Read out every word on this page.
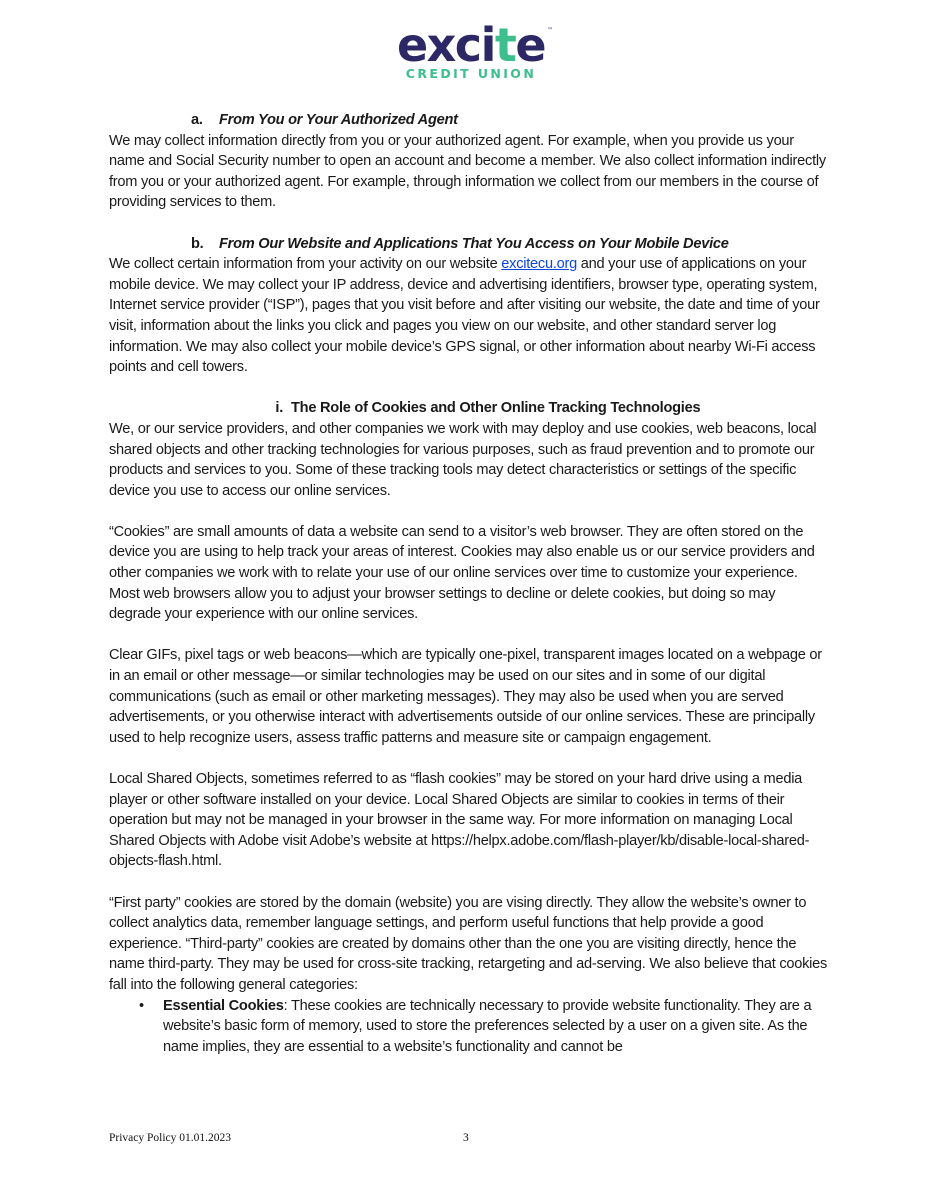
excite ™
CREDIT UNION
a. From You or Your Authorized Agent

We may collect information directly from you or your authorized agent. For example, when you provide us your name and Social Security number to open an account and become a member. We also collect information indirectly from you or your authorized agent. For example, through information we collect from our members in the course of providing services to them.

b. From Our Website and Applications That You Access on Your Mobile Device

We collect certain information from your activity on our website excitecu.org and your use of applications on your mobile device. We may collect your IP address, device and advertising identifiers, browser type, operating system, Internet service provider (“ISP”), pages that you visit before and after visiting our website, the date and time of your visit, information about the links you click and pages you view on our website, and other standard server log information. We may also collect your mobile device’s GPS signal, or other information about nearby Wi-Fi access points and cell towers.

i. The Role of Cookies and Other Online Tracking Technologies

We, or our service providers, and other companies we work with may deploy and use cookies, web beacons, local shared objects and other tracking technologies for various purposes, such as fraud prevention and to promote our products and services to you. Some of these tracking tools may detect characteristics or settings of the specific device you use to access our online services.

“Cookies” are small amounts of data a website can send to a visitor’s web browser. They are often stored on the device you are using to help track your areas of interest. Cookies may also enable us or our service providers and other companies we work with to relate your use of our online services over time to customize your experience. Most web browsers allow you to adjust your browser settings to decline or delete cookies, but doing so may degrade your experience with our online services.

Clear GIFs, pixel tags or web beacons—which are typically one-pixel, transparent images located on a webpage or in an email or other message—or similar technologies may be used on our sites and in some of our digital communications (such as email or other marketing messages). They may also be used when you are served advertisements, or you otherwise interact with advertisements outside of our online services. These are principally used to help recognize users, assess traffic patterns and measure site or campaign engagement.

Local Shared Objects, sometimes referred to as “flash cookies” may be stored on your hard drive using a media player or other software installed on your device. Local Shared Objects are similar to cookies in terms of their operation but may not be managed in your browser in the same way. For more information on managing Local Shared Objects with Adobe visit Adobe’s website at https://helpx.adobe.com/flash-player/kb/disable-local-shared-objects-flash.html.

“First party” cookies are stored by the domain (website) you are vising directly. They allow the website’s owner to collect analytics data, remember language settings, and perform useful functions that help provide a good experience. “Third-party” cookies are created by domains other than the one you are visiting directly, hence the name third-party. They may be used for cross-site tracking, retargeting and ad-serving. We also believe that cookies fall into the following general categories:

• Essential Cookies: These cookies are technically necessary to provide website functionality. They are a website’s basic form of memory, used to store the preferences selected by a user on a given site. As the name implies, they are essential to a website’s functionality and cannot be
Privacy Policy 01.01.2023	3
